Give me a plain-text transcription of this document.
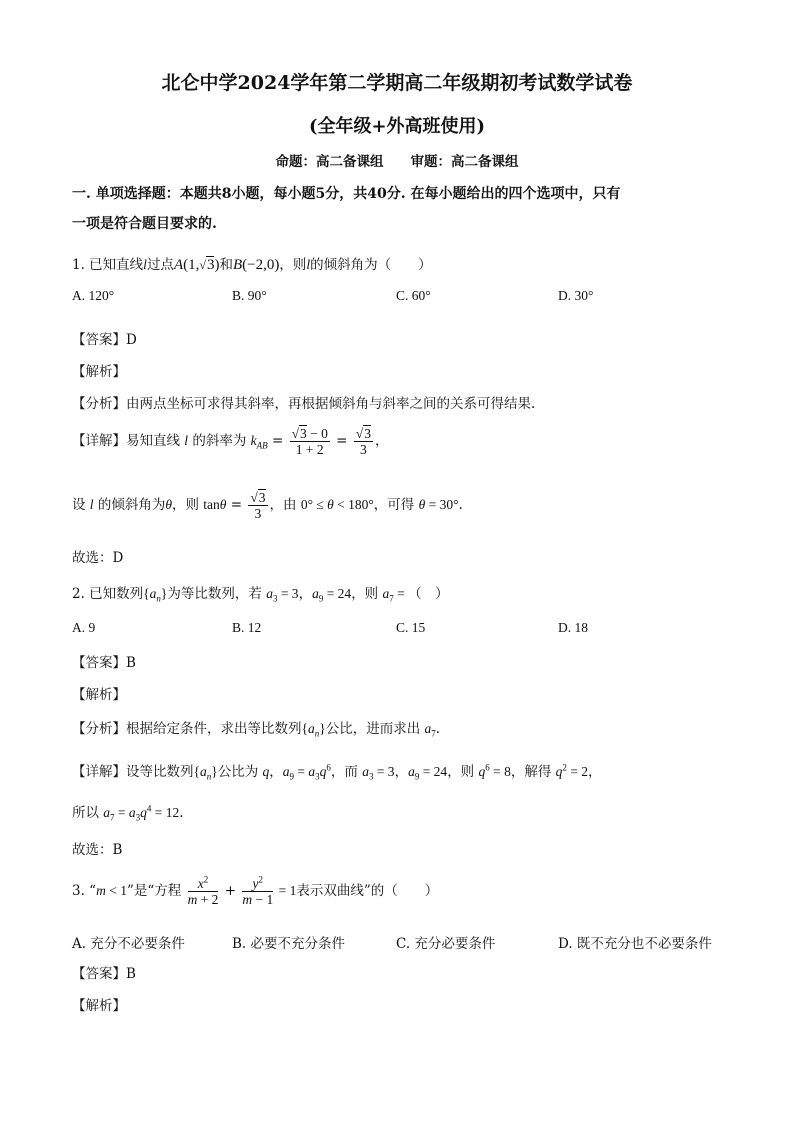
北仑中学2024学年第二学期高二年级期初考试数学试卷
(全年级+外高班使用)
命题：高二备课组　　审题：高二备课组
一. 单项选择题：本题共8小题，每小题5分，共40分. 在每小题给出的四个选项中，只有
一项是符合题目要求的.
1. 已知直线l过点A(1,√3)和B(−2,0)，则l的倾斜角为（　　）
A. 120°	B. 90°	C. 60°	D. 30°
【答案】D
【解析】
【分析】由两点坐标可求得其斜率，再根据倾斜角与斜率之间的关系可得结果.
【详解】易知直线 l 的斜率为 $k_{AB} = \frac{√3 - 0}{1 + 2} = \frac{√3}{3}$ ，
设 l 的倾斜角为θ，则 $\tan\theta = \frac{√3}{3}$ ，由 0° ≤ θ < 180°，可得 θ = 30°.
故选：D
2. 已知数列$\{a_n\}$为等比数列，若 $a_3 = 3$，$a_9 = 24$，则 $a_7$ = （　）
A. 9	B. 12	C. 15	D. 18
【答案】B
【解析】
【分析】根据给定条件，求出等比数列$\{a_n\}$公比，进而求出 $a_7$.
【详解】设等比数列$\{a_n\}$公比为 q，$a_9 = a_3q^6$，而 $a_3 = 3$，$a_9 = 24$，则 $q^6 = 8$，解得 $q^2 = 2$，
所以 $a_7 = a_3q^4 = 12$.
故选：B
3. “m < 1”是“方程 $\frac{x^2}{m + 2} + \frac{y^2}{m - 1} = 1$表示双曲线”的（　　）
A. 充分不必要条件	B. 必要不充分条件	C. 充分必要条件	D. 既不充分也不必要条件
【答案】B
【解析】
